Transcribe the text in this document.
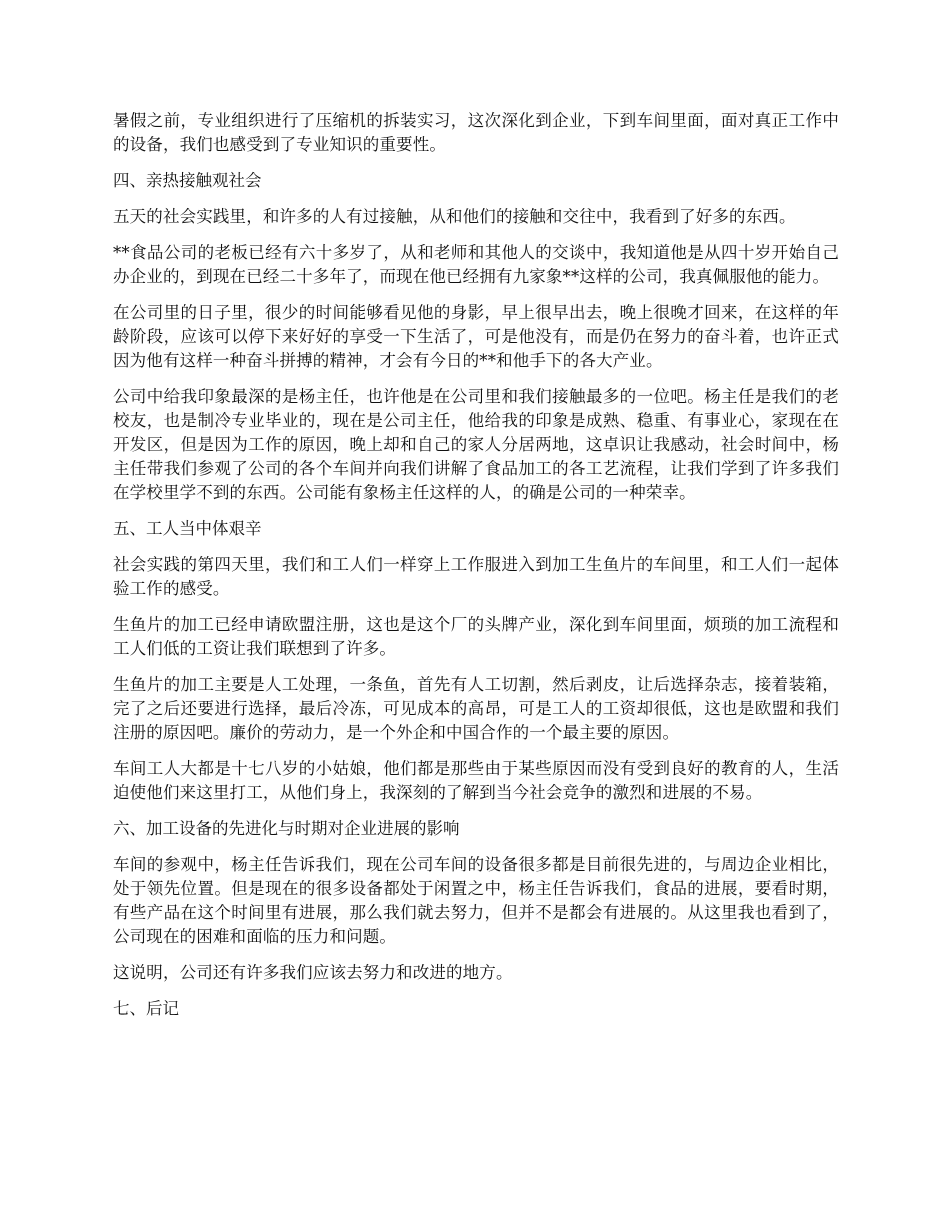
暑假之前，专业组织进行了压缩机的拆装实习，这次深化到企业，下到车间里面，面对真正工作中的设备，我们也感受到了专业知识的重要性。

四、亲热接触观社会

五天的社会实践里，和许多的人有过接触，从和他们的接触和交往中，我看到了好多的东西。

**食品公司的老板已经有六十多岁了，从和老师和其他人的交谈中，我知道他是从四十岁开始自己办企业的，到现在已经二十多年了，而现在他已经拥有九家象**这样的公司，我真佩服他的能力。

在公司里的日子里，很少的时间能够看见他的身影，早上很早出去，晚上很晚才回来，在这样的年龄阶段，应该可以停下来好好的享受一下生活了，可是他没有，而是仍在努力的奋斗着，也许正式因为他有这样一种奋斗拼搏的精神，才会有今日的**和他手下的各大产业。

公司中给我印象最深的是杨主任，也许他是在公司里和我们接触最多的一位吧。杨主任是我们的老校友，也是制冷专业毕业的，现在是公司主任，他给我的印象是成熟、稳重、有事业心，家现在在开发区，但是因为工作的原因，晚上却和自己的家人分居两地，这卓识让我感动，社会时间中，杨主任带我们参观了公司的各个车间并向我们讲解了食品加工的各工艺流程，让我们学到了许多我们在学校里学不到的东西。公司能有象杨主任这样的人，的确是公司的一种荣幸。

五、工人当中体艰辛

社会实践的第四天里，我们和工人们一样穿上工作服进入到加工生鱼片的车间里，和工人们一起体验工作的感受。

生鱼片的加工已经申请欧盟注册，这也是这个厂的头牌产业，深化到车间里面，烦琐的加工流程和工人们低的工资让我们联想到了许多。

生鱼片的加工主要是人工处理，一条鱼，首先有人工切割，然后剥皮，让后选择杂志，接着装箱，完了之后还要进行选择，最后冷冻，可见成本的高昂，可是工人的工资却很低，这也是欧盟和我们注册的原因吧。廉价的劳动力，是一个外企和中国合作的一个最主要的原因。

车间工人大都是十七八岁的小姑娘，他们都是那些由于某些原因而没有受到良好的教育的人，生活迫使他们来这里打工，从他们身上，我深刻的了解到当今社会竞争的激烈和进展的不易。

六、加工设备的先进化与时期对企业进展的影响

车间的参观中，杨主任告诉我们，现在公司车间的设备很多都是目前很先进的，与周边企业相比，处于领先位置。但是现在的很多设备都处于闲置之中，杨主任告诉我们，食品的进展，要看时期，有些产品在这个时间里有进展，那么我们就去努力，但并不是都会有进展的。从这里我也看到了，公司现在的困难和面临的压力和问题。

这说明，公司还有许多我们应该去努力和改进的地方。

七、后记
